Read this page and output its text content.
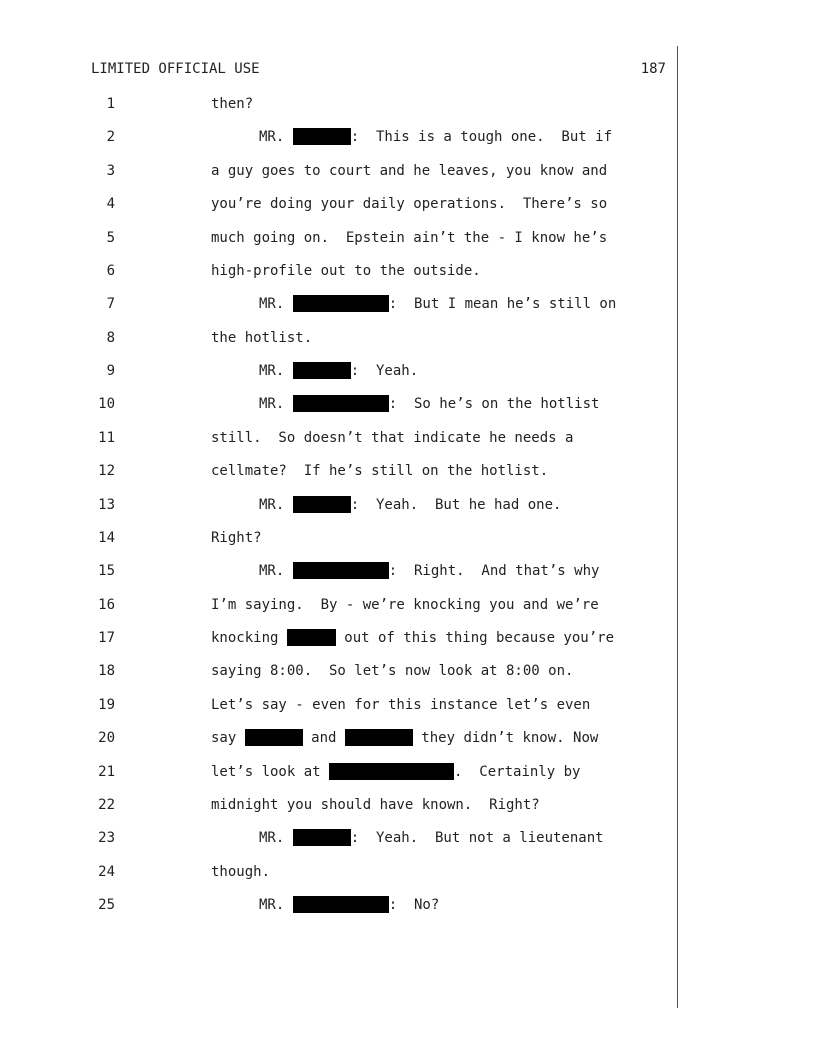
LIMITED OFFICIAL USE	187
1	then?
2	MR.	:  This is a tough one.  But if
3	a guy goes to court and he leaves, you know and
4	you’re doing your daily operations.  There’s so
5	much going on.  Epstein ain’t the - I know he’s
6	high-profile out to the outside.
7	MR.	:  But I mean he’s still on
8	the hotlist.
9	MR.	:  Yeah.
10	MR.	:  So he’s on the hotlist
11	still.  So doesn’t that indicate he needs a
12	cellmate?  If he’s still on the hotlist.
13	MR.	:  Yeah.  But he had one.
14	Right?
15	MR.	:  Right.  And that’s why
16	I’m saying.  By - we’re knocking you and we’re
17	knocking	out of this thing because you’re
18	saying 8:00.  So let’s now look at 8:00 on.
19	Let’s say - even for this instance let’s even
20	say	and	they didn’t know. Now
21	let’s look at	.  Certainly by
22	midnight you should have known.  Right?
23	MR.	:  Yeah.  But not a lieutenant
24	though.
25	MR.	:  No?
